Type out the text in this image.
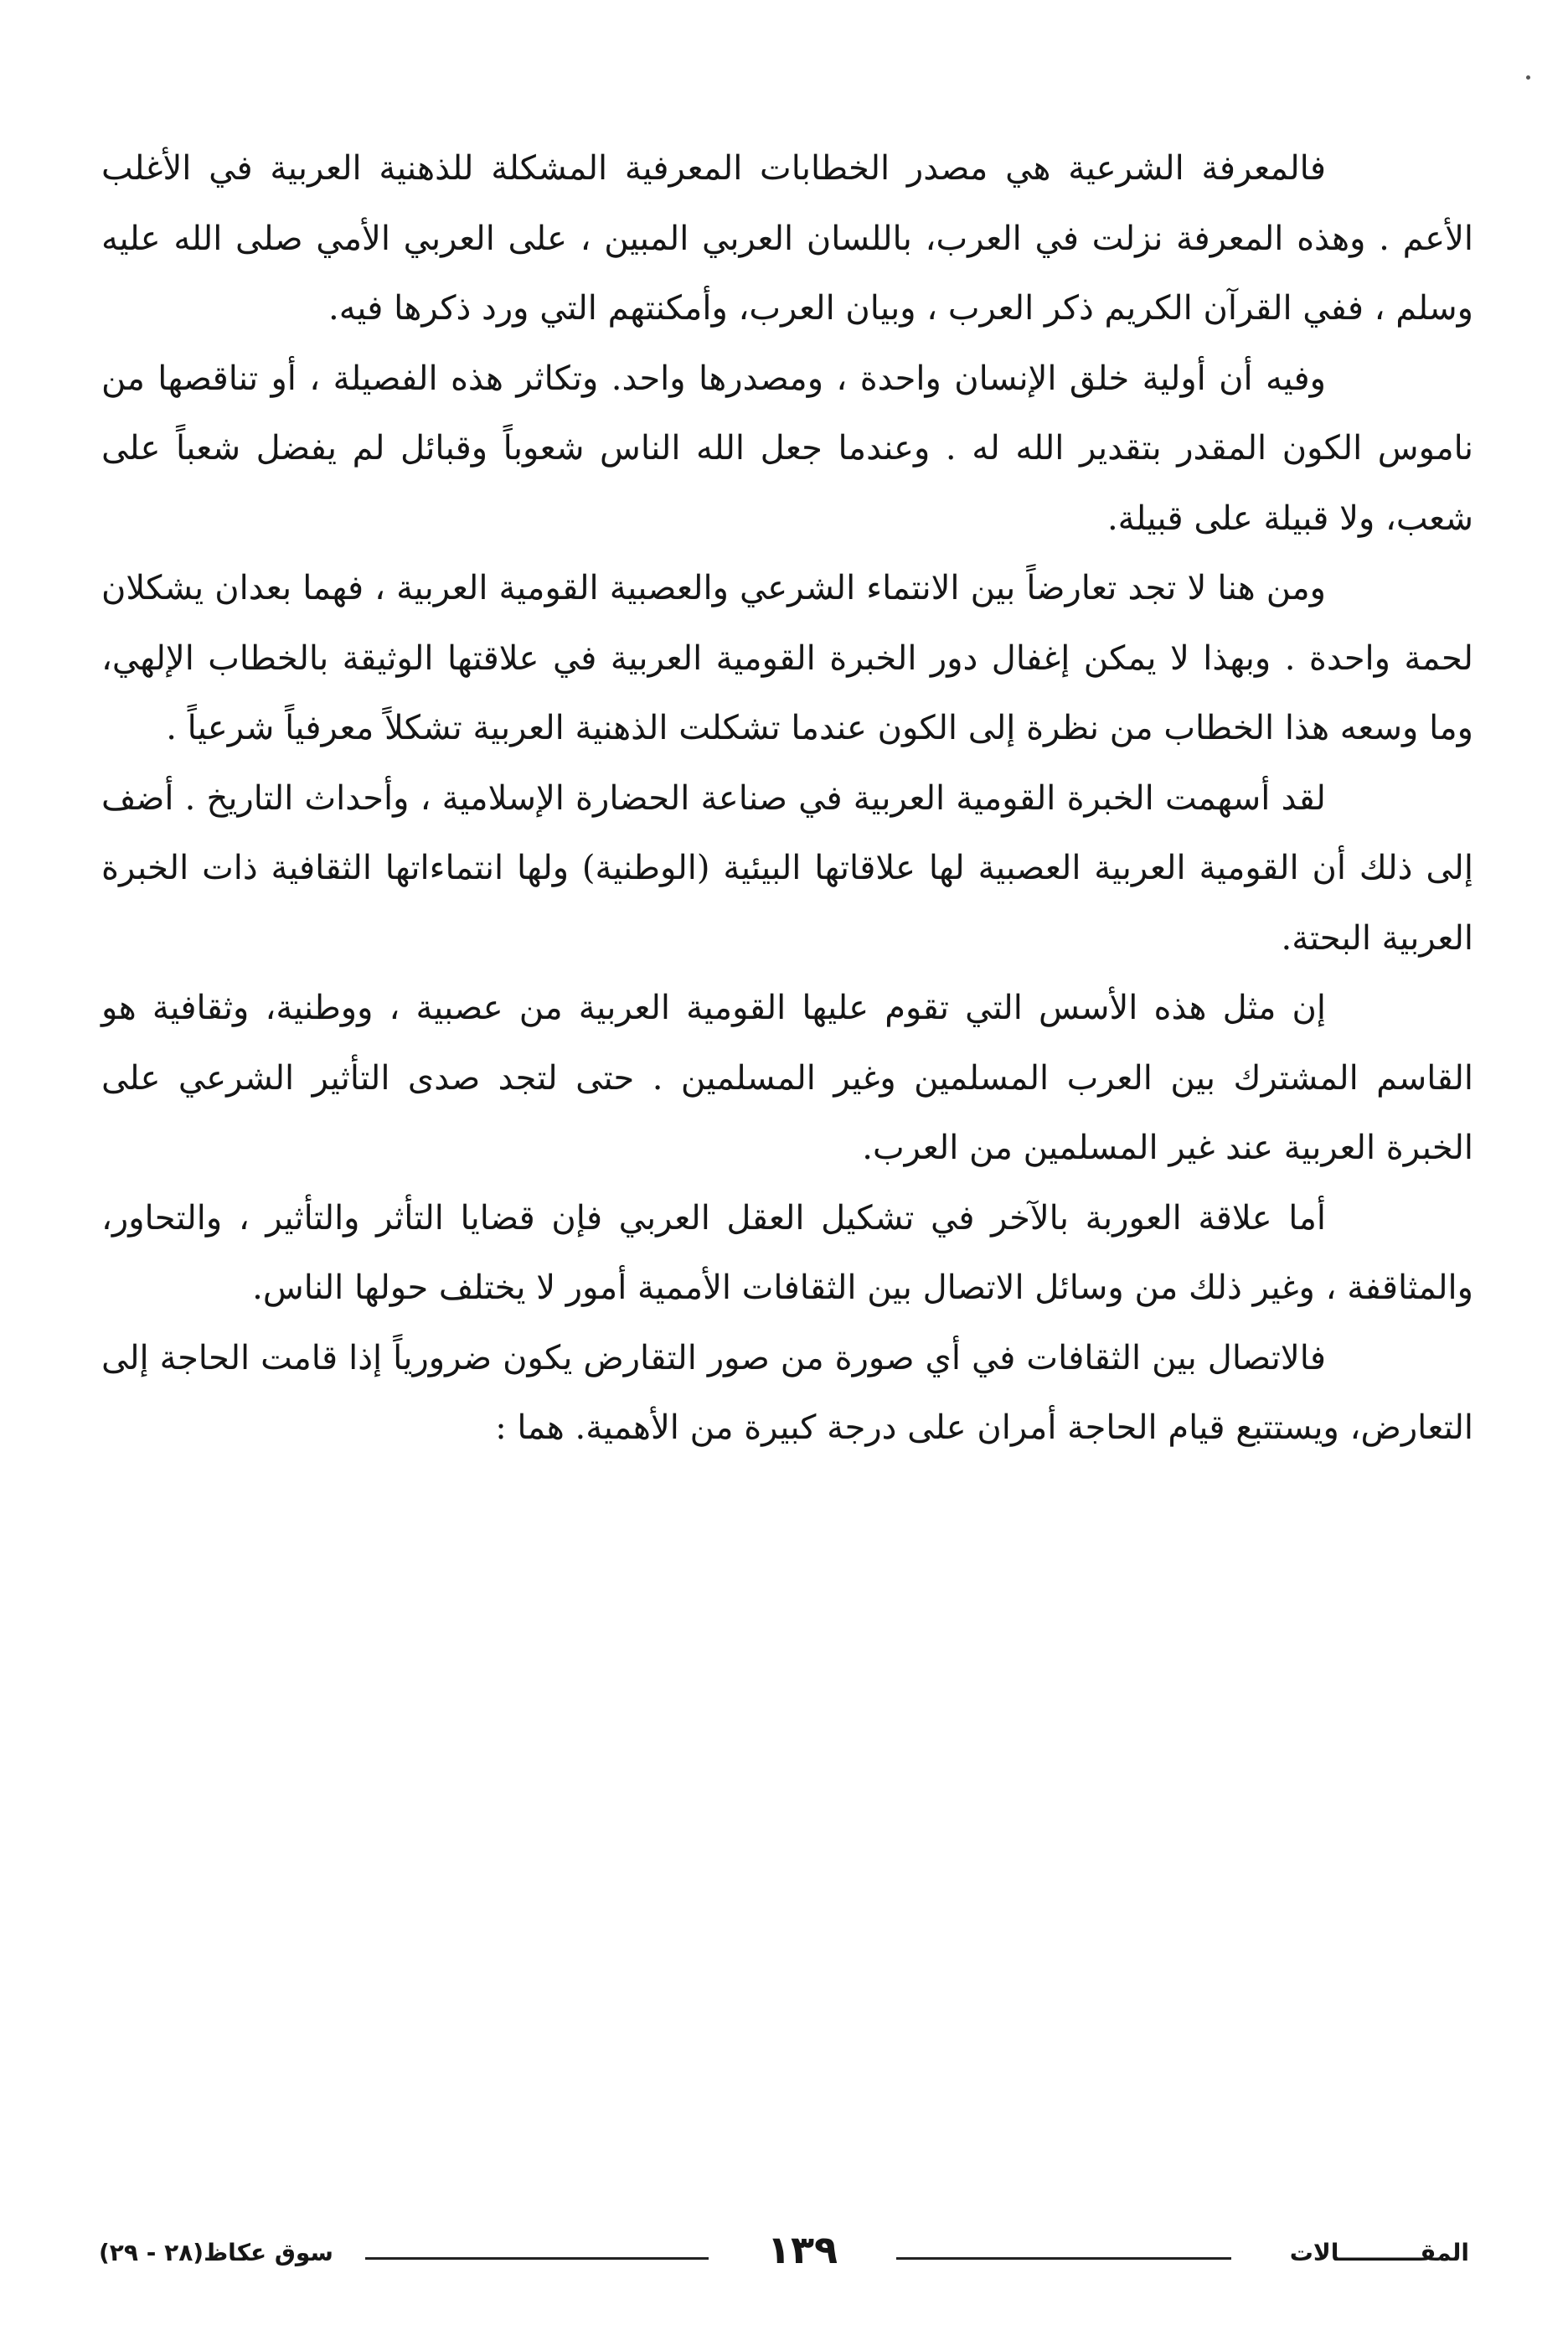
فالمعرفة الشرعية هي مصدر الخطابات المعرفية المشكلة للذهنية العربية في الأغلب الأعم . وهذه المعرفة نزلت في العرب، باللسان العربي المبين ، على العربي الأمي صلى الله عليه وسلم ، ففي القرآن الكريم ذكر العرب ، وبيان العرب، وأمكنتهم التي ورد ذكرها فيه.

وفيه أن أولية خلق الإنسان واحدة ، ومصدرها واحد. وتكاثر هذه الفصيلة ، أو تناقصها من ناموس الكون المقدر بتقدير الله له . وعندما جعل الله الناس شعوباً وقبائل لم يفضل شعباً على شعب، ولا قبيلة على قبيلة.

ومن هنا لا تجد تعارضاً بين الانتماء الشرعي والعصبية القومية العربية ، فهما بعدان يشكلان لحمة واحدة . وبهذا لا يمكن إغفال دور الخبرة القومية العربية في علاقتها الوثيقة بالخطاب الإلهي، وما وسعه هذا الخطاب من نظرة إلى الكون عندما تشكلت الذهنية العربية تشكلاً معرفياً شرعياً .

لقد أسهمت الخبرة القومية العربية في صناعة الحضارة الإسلامية ، وأحداث التاريخ . أضف إلى ذلك أن القومية العربية العصبية لها علاقاتها البيئية (الوطنية) ولها انتماءاتها الثقافية ذات الخبرة العربية البحتة.

إن مثل هذه الأسس التي تقوم عليها القومية العربية من عصبية ، ووطنية، وثقافية هو القاسم المشترك بين العرب المسلمين وغير المسلمين . حتى لتجد صدى التأثير الشرعي على الخبرة العربية عند غير المسلمين من العرب.

أما علاقة العوربة بالآخر في تشكيل العقل العربي فإن قضايا التأثر والتأثير ، والتحاور، والمثاقفة ، وغير ذلك من وسائل الاتصال بين الثقافات الأممية أمور لا يختلف حولها الناس.

فالاتصال بين الثقافات في أي صورة من صور التقارض يكون ضرورياً إذا قامت الحاجة إلى التعارض، ويستتبع قيام الحاجة أمران على درجة كبيرة من الأهمية. هما :

سوق عكاظ(٢٨ - ٢٩)	١٣٩	المقــــــــــالات
